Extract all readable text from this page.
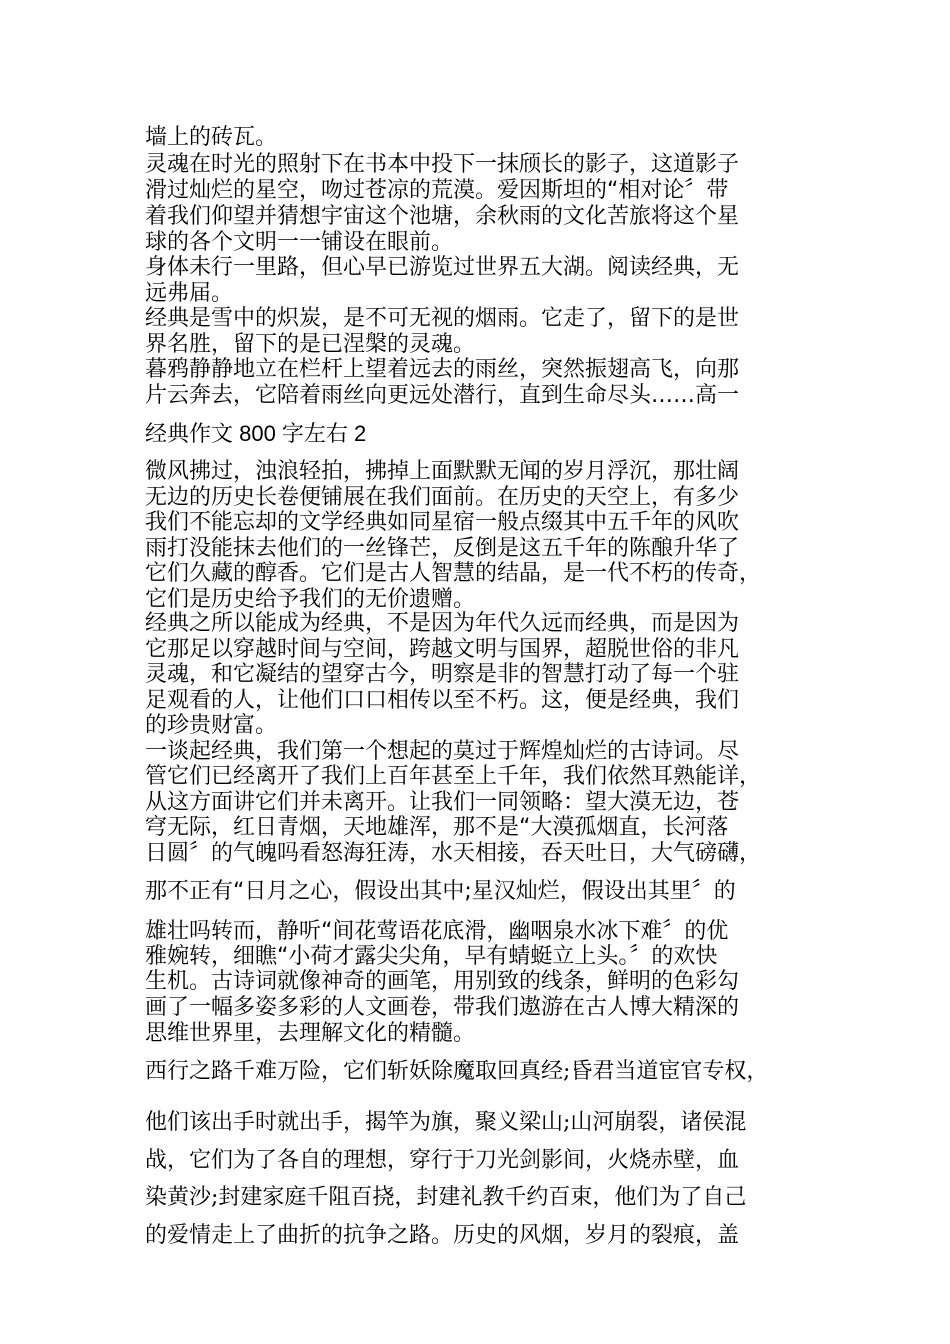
墙上的砖瓦。
灵魂在时光的照射下在书本中投下一抹颀长的影子，这道影子
滑过灿烂的星空，吻过苍凉的荒漠。爱因斯坦的“相对论〞带
着我们仰望并猜想宇宙这个池塘，余秋雨的文化苦旅将这个星
球的各个文明一一铺设在眼前。
身体未行一里路，但心早已游览过世界五大湖。阅读经典，无
远弗届。
经典是雪中的炽炭，是不可无视的烟雨。它走了，留下的是世
界名胜，留下的是已涅槃的灵魂。
暮鸦静静地立在栏杆上望着远去的雨丝，突然振翅高飞，向那
片云奔去，它陪着雨丝向更远处潜行，直到生命尽头……高一
经典作文 800 字左右 2
微风拂过，浊浪轻拍，拂掉上面默默无闻的岁月浮沉，那壮阔
无边的历史长卷便铺展在我们面前。在历史的天空上，有多少
我们不能忘却的文学经典如同星宿一般点缀其中五千年的风吹
雨打没能抹去他们的一丝锋芒，反倒是这五千年的陈酿升华了
它们久藏的醇香。它们是古人智慧的结晶，是一代不朽的传奇，
它们是历史给予我们的无价遗赠。
经典之所以能成为经典，不是因为年代久远而经典，而是因为
它那足以穿越时间与空间，跨越文明与国界，超脱世俗的非凡
灵魂，和它凝结的望穿古今，明察是非的智慧打动了每一个驻
足观看的人，让他们口口相传以至不朽。这，便是经典，我们
的珍贵财富。
一谈起经典，我们第一个想起的莫过于辉煌灿烂的古诗词。尽
管它们已经离开了我们上百年甚至上千年，我们依然耳熟能详，
从这方面讲它们并未离开。让我们一同领略：望大漠无边，苍
穹无际，红日青烟，天地雄浑，那不是“大漠孤烟直，长河落
日圆〞的气魄吗看怒海狂涛，水天相接，吞天吐日，大气磅礴，
那不正有“日月之心，假设出其中;星汉灿烂，假设出其里〞的
雄壮吗转而，静听“间花莺语花底滑，幽咽泉水冰下难〞的优
雅婉转，细瞧“小荷才露尖尖角，早有蜻蜓立上头。〞的欢快
生机。古诗词就像神奇的画笔，用别致的线条，鲜明的色彩勾
画了一幅多姿多彩的人文画卷，带我们遨游在古人博大精深的
思维世界里，去理解文化的精髓。
西行之路千难万险，它们斩妖除魔取回真经;昏君当道宦官专权，
他们该出手时就出手，揭竿为旗，聚义梁山;山河崩裂，诸侯混
战，它们为了各自的理想，穿行于刀光剑影间，火烧赤壁，血
染黄沙;封建家庭千阻百挠，封建礼教千约百束，他们为了自己
的爱情走上了曲折的抗争之路。历史的风烟，岁月的裂痕，盖
